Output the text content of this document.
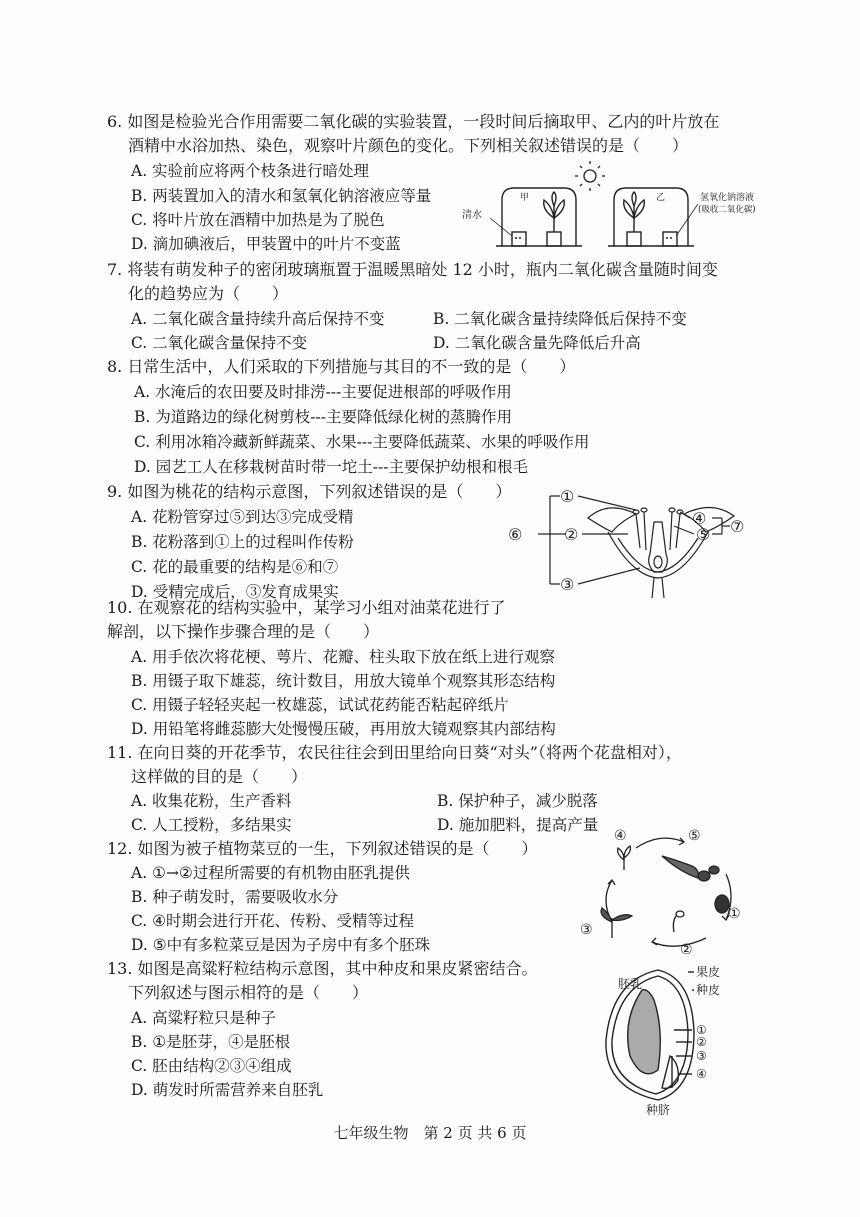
6. 如图是检验光合作用需要二氧化碳的实验装置，一段时间后摘取甲、乙内的叶片放在
酒精中水浴加热、染色，观察叶片颜色的变化。下列相关叙述错误的是（　　）
A. 实验前应将两个枝条进行暗处理
B. 两装置加入的清水和氢氧化钠溶液应等量
C. 将叶片放在酒精中加热是为了脱色
D. 滴加碘液后，甲装置中的叶片不变蓝
清水
甲	乙	氢氧化钠溶液
(吸收二氧化碳)
7. 将装有萌发种子的密闭玻璃瓶置于温暖黑暗处 12 小时，瓶内二氧化碳含量随时间变
化的趋势应为（　　）
A. 二氧化碳含量持续升高后保持不变	B. 二氧化碳含量持续降低后保持不变
C. 二氧化碳含量保持不变	D. 二氧化碳含量先降低后升高
8. 日常生活中，人们采取的下列措施与其目的不一致的是（　　）
A. 水淹后的农田要及时排涝---主要促进根部的呼吸作用
B. 为道路边的绿化树剪枝---主要降低绿化树的蒸腾作用
C. 利用冰箱冷藏新鲜蔬菜、水果---主要降低蔬菜、水果的呼吸作用
D. 园艺工人在移栽树苗时带一坨土---主要保护幼根和根毛
9. 如图为桃花的结构示意图，下列叙述错误的是（　　）
A. 花粉管穿过⑤到达③完成受精
B. 花粉落到①上的过程叫作传粉
C. 花的最重要的结构是⑥和⑦
D. 受精完成后，③发育成果实
⑥
①
②
③
④
⑤ ⑦
10. 在观察花的结构实验中，某学习小组对油菜花进行了
解剖，以下操作步骤合理的是（　　）
A. 用手依次将花梗、萼片、花瓣、柱头取下放在纸上进行观察
B. 用镊子取下雄蕊，统计数目，用放大镜单个观察其形态结构
C. 用镊子轻轻夹起一枚雄蕊，试试花药能否粘起碎纸片
D. 用铅笔将雌蕊膨大处慢慢压破，再用放大镜观察其内部结构
11. 在向日葵的开花季节，农民往往会到田里给向日葵“对头”（将两个花盘相对），
这样做的目的是（　　）
A. 收集花粉，生产香料	B. 保护种子，减少脱落
C. 人工授粉，多结果实	D. 施加肥料，提高产量
12. 如图为被子植物菜豆的一生，下列叙述错误的是（　　）
A. ①→②过程所需要的有机物由胚乳提供
B. 种子萌发时，需要吸收水分
C. ④时期会进行开花、传粉、受精等过程
D. ⑤中有多粒菜豆是因为子房中有多个胚珠
④	⑤
①
②
③
13. 如图是高粱籽粒结构示意图，其中种皮和果皮紧密结合。
下列叙述与图示相符的是（　　）
A. 高粱籽粒只是种子
B. ①是胚芽，④是胚根
C. 胚由结构②③④组成
D. 萌发时所需营养来自胚乳
胚乳
果皮
种皮
①
②
③
④
种脐
七年级生物　第 2 页 共 6 页
